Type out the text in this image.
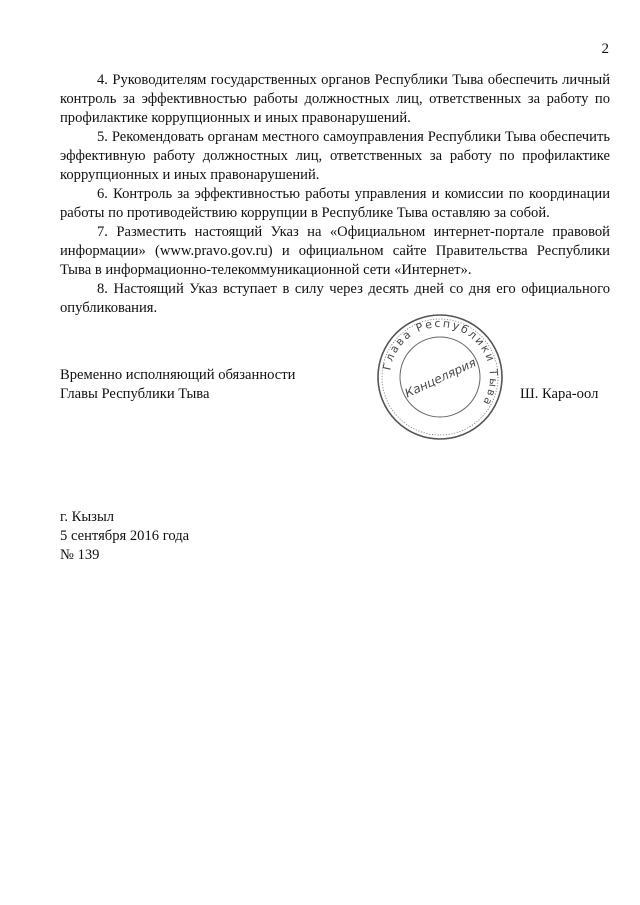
2

4. Руководителям государственных органов Республики Тыва обеспечить личный контроль за эффективностью работы должностных лиц, ответственных за работу по профилактике коррупционных и иных правонарушений.

5. Рекомендовать органам местного самоуправления Республики Тыва обеспечить эффективную работу должностных лиц, ответственных за работу по профилактике коррупционных и иных правонарушений.

6. Контроль за эффективностью работы управления и комиссии по координации работы по противодействию коррупции в Республике Тыва оставляю за собой.

7. Разместить настоящий Указ на «Официальном интернет-портале правовой информации» (www.pravo.gov.ru) и официальном сайте Правительства Республики Тыва в информационно-телекоммуникационной сети «Интернет».

8. Настоящий Указ вступает в силу через десять дней со дня его официального опубликования.

Глава Республики Тыва
Канцелярия
Временно исполняющий обязанности
Главы Республики Тыва	Ш. Кара-оол
г. Кызыл
5 сентября 2016 года
№ 139
